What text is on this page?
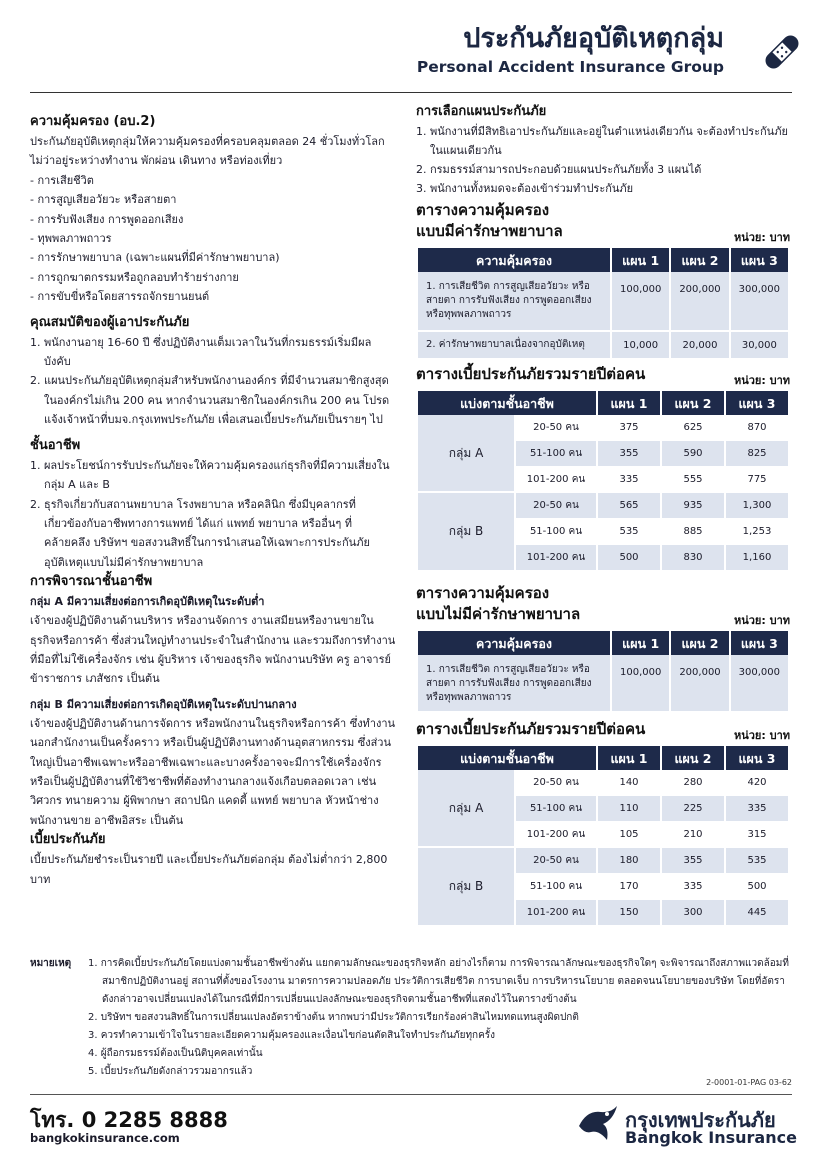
ประกันภัยอุบัติเหตุกลุ่ม
Personal Accident Insurance Group
ความคุ้มครอง (อบ.2)
ประกันภัยอุบัติเหตุกลุ่มให้ความคุ้มครองที่ครอบคลุมตลอด 24 ชั่วโมงทั่วโลก ไม่ว่าอยู่ระหว่างทำงาน พักผ่อน เดินทาง หรือท่องเที่ยว
- การเสียชีวิต
- การสูญเสียอวัยวะ หรือสายตา
- การรับฟังเสียง การพูดออกเสียง
- ทุพพลภาพถาวร
- การรักษาพยาบาล (เฉพาะแผนที่มีค่ารักษาพยาบาล)
- การถูกฆาตกรรมหรือถูกลอบทำร้ายร่างกาย
- การขับขี่หรือโดยสารรถจักรยานยนต์
คุณสมบัติของผู้เอาประกันภัย
1. พนักงานอายุ 16-60 ปี ซึ่งปฏิบัติงานเต็มเวลาในวันที่กรมธรรม์เริ่มมีผลบังคับ
2. แผนประกันภัยอุบัติเหตุกลุ่มสำหรับพนักงานองค์กร ที่มีจำนวนสมาชิกสูงสุดในองค์กรไม่เกิน 200 คน หากจำนวนสมาชิกในองค์กรเกิน 200 คน โปรดแจ้งเจ้าหน้าที่บมจ.กรุงเทพประกันภัย เพื่อเสนอเบี้ยประกันภัยเป็นรายๆ ไป
ชั้นอาชีพ
1. ผลประโยชน์การรับประกันภัยจะให้ความคุ้มครองแก่ธุรกิจที่มีความเสี่ยงในกลุ่ม A และ B
2. ธุรกิจเกี่ยวกับสถานพยาบาล โรงพยาบาล หรือคลินิก ซึ่งมีบุคลากรที่เกี่ยวข้องกับอาชีพทางการแพทย์ ได้แก่ แพทย์ พยาบาล หรืออื่นๆ ที่คล้ายคลึง บริษัทฯ ขอสงวนสิทธิ์ในการนำเสนอให้เฉพาะการประกันภัยอุบัติเหตุแบบไม่มีค่ารักษาพยาบาล
การพิจารณาชั้นอาชีพ
กลุ่ม A มีความเสี่ยงต่อการเกิดอุบัติเหตุในระดับต่ำ
เจ้าของผู้ปฏิบัติงานด้านบริหาร หรืองานจัดการ งานเสมียนหรืองานขายในธุรกิจหรือการค้า ซึ่งส่วนใหญ่ทำงานประจำในสำนักงาน และรวมถึงการทำงานที่มือที่ไม่ใช้เครื่องจักร เช่น ผู้บริหาร เจ้าของธุรกิจ พนักงานบริษัท ครู อาจารย์ ข้าราชการ เภสัชกร เป็นต้น
กลุ่ม B มีความเสี่ยงต่อการเกิดอุบัติเหตุในระดับปานกลาง
เจ้าของผู้ปฏิบัติงานด้านการจัดการ หรือพนักงานในธุรกิจหรือการค้า ซึ่งทำงานนอกสำนักงานเป็นครั้งคราว หรือเป็นผู้ปฏิบัติงานทางด้านอุตสาหกรรม ซึ่งส่วนใหญ่เป็นอาชีพเฉพาะหรืออาชีพเฉพาะและบางครั้งอาจจะมีการใช้เครื่องจักร หรือเป็นผู้ปฏิบัติงานที่ใช้วิชาชีพที่ต้องทำงานกลางแจ้งเกือบตลอดเวลา เช่น วิศวกร ทนายความ ผู้พิพากษา สถาปนิก แคดดี้ แพทย์ พยาบาล หัวหน้าช่าง พนักงานขาย อาชีพอิสระ เป็นต้น
เบี้ยประกันภัย
เบี้ยประกันภัยชำระเป็นรายปี และเบี้ยประกันภัยต่อกลุ่ม ต้องไม่ต่ำกว่า 2,800 บาท
การเลือกแผนประกันภัย
1. พนักงานที่มีสิทธิเอาประกันภัยและอยู่ในตำแหน่งเดียวกัน จะต้องทำประกันภัยในแผนเดียวกัน
2. กรมธรรม์สามารถประกอบด้วยแผนประกันภัยทั้ง 3 แผนได้
3. พนักงานทั้งหมดจะต้องเข้าร่วมทำประกันภัย
ตารางความคุ้มครอง
แบบมีค่ารักษาพยาบาล	หน่วย: บาท
ความคุ้มครอง	แผน 1	แผน 2	แผน 3
1. การเสียชีวิต การสูญเสียอวัยวะ หรือสายตา การรับฟังเสียง การพูดออกเสียง หรือทุพพลภาพถาวร	100,000	200,000	300,000
2. ค่ารักษาพยาบาลเนื่องจากอุบัติเหตุ	10,000	20,000	30,000
ตารางเบี้ยประกันภัยรวมรายปีต่อคน	หน่วย: บาท
แบ่งตามชั้นอาชีพ		แผน 1	แผน 2	แผน 3
กลุ่ม A	20-50 คน	375	625	870
	51-100 คน	355	590	825
	101-200 คน	335	555	775
กลุ่ม B	20-50 คน	565	935	1,300
	51-100 คน	535	885	1,253
	101-200 คน	500	830	1,160
ตารางความคุ้มครอง
แบบไม่มีค่ารักษาพยาบาล	หน่วย: บาท
ความคุ้มครอง	แผน 1	แผน 2	แผน 3
1. การเสียชีวิต การสูญเสียอวัยวะ หรือสายตา การรับฟังเสียง การพูดออกเสียง หรือทุพพลภาพถาวร	100,000	200,000	300,000
ตารางเบี้ยประกันภัยรวมรายปีต่อคน	หน่วย: บาท
แบ่งตามชั้นอาชีพ		แผน 1	แผน 2	แผน 3
กลุ่ม A	20-50 คน	140	280	420
	51-100 คน	110	225	335
	101-200 คน	105	210	315
กลุ่ม B	20-50 คน	180	355	535
	51-100 คน	170	335	500
	101-200 คน	150	300	445
หมายเหตุ 1. การคิดเบี้ยประกันภัยโดยแบ่งตามชั้นอาชีพข้างต้น แยกตามลักษณะของธุรกิจหลัก อย่างไรก็ตาม การพิจารณาลักษณะของธุรกิจใดๆ จะพิจารณาถึงสภาพแวดล้อมที่สมาชิกปฏิบัติงานอยู่ สถานที่ตั้งของโรงงาน มาตรการความปลอดภัย ประวัติการเสียชีวิต การบาดเจ็บ การบริหารนโยบาย ตลอดจนนโยบายของบริษัท โดยที่อัตราดังกล่าวอาจเปลี่ยนแปลงได้ในกรณีที่มีการเปลี่ยนแปลงลักษณะของธุรกิจตามชั้นอาชีพที่แสดงไว้ในตารางข้างต้น
2. บริษัทฯ ขอสงวนสิทธิ์ในการเปลี่ยนแปลงอัตราข้างต้น หากพบว่ามีประวัติการเรียกร้องค่าสินไหมทดแทนสูงผิดปกติ
3. ควรทำความเข้าใจในรายละเอียดความคุ้มครองและเงื่อนไขก่อนตัดสินใจทำประกันภัยทุกครั้ง
4. ผู้ถือกรมธรรม์ต้องเป็นนิติบุคคลเท่านั้น
5. เบี้ยประกันภัยดังกล่าวรวมอากรแล้ว
2-0001-01-PAG 03-62
โทร. 0 2285 8888
bangkokinsurance.com
กรุงเทพประกันภัย
Bangkok Insurance
